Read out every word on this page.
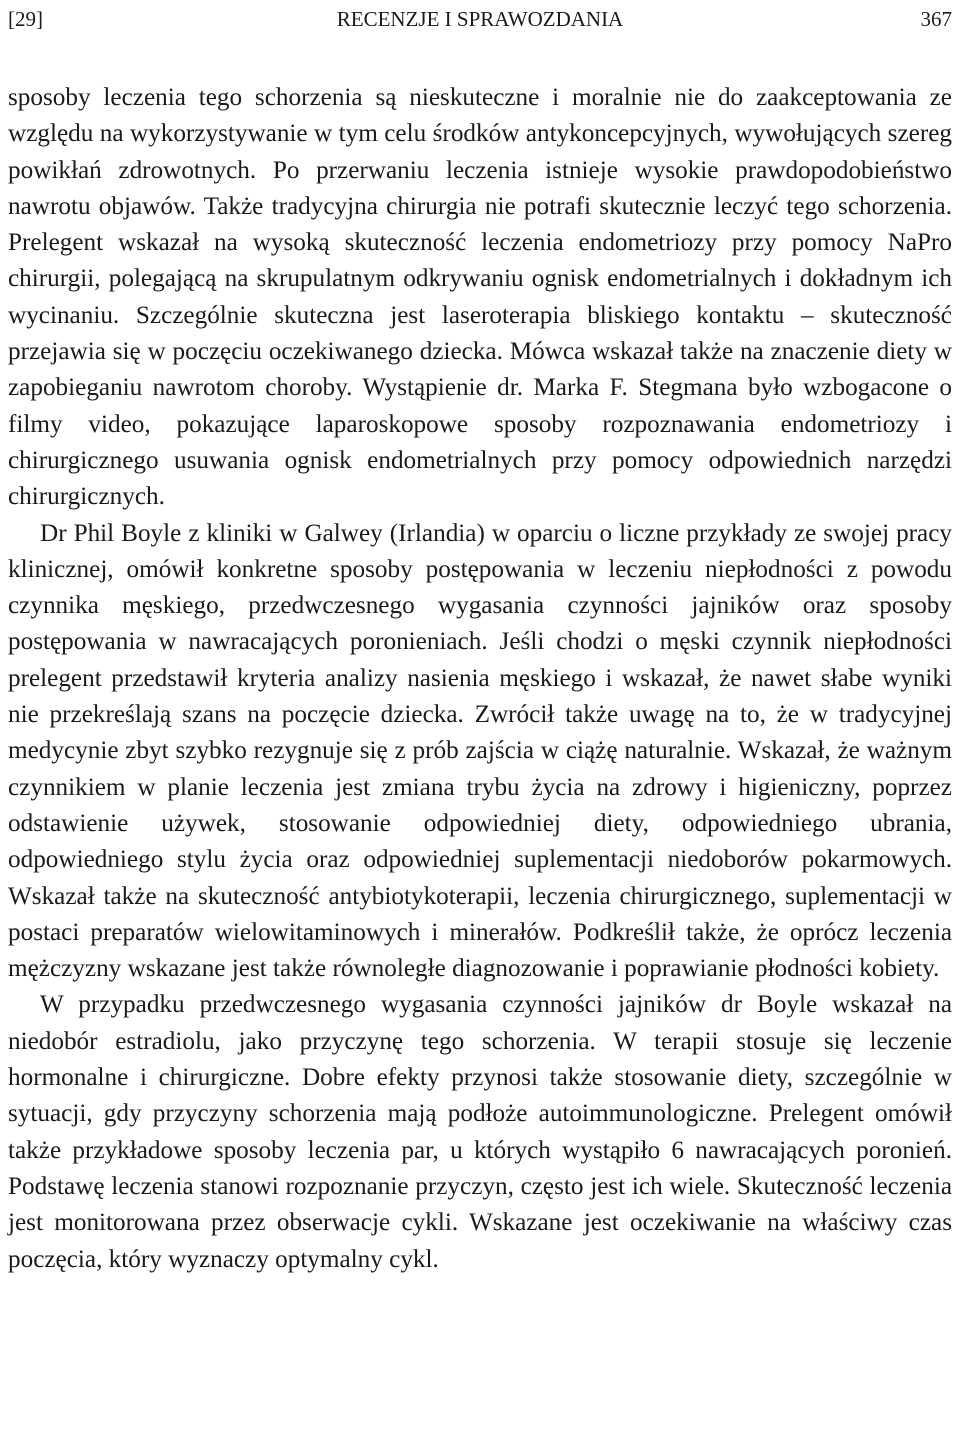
[29]	RECENZJE I SPRAWOZDANIA	367

sposoby leczenia tego schorzenia są nieskuteczne i moralnie nie do zaakceptowania ze względu na wykorzystywanie w tym celu środków antykoncepcyjnych, wywołujących szereg powikłań zdrowotnych. Po przerwaniu leczenia istnieje wysokie prawdopodobieństwo nawrotu objawów. Także tradycyjna chirurgia nie potrafi skutecznie leczyć tego schorzenia. Prelegent wskazał na wysoką skuteczność leczenia endometriozy przy pomocy NaPro chirurgii, polegającą na skrupulatnym odkrywaniu ognisk endometrialnych i dokładnym ich wycinaniu. Szczególnie skuteczna jest laseroterapia bliskiego kontaktu – skuteczność przejawia się w poczęciu oczekiwanego dziecka. Mówca wskazał także na znaczenie diety w zapobieganiu nawrotom choroby. Wystąpienie dr. Marka F. Stegmana było wzbogacone o filmy video, pokazujące laparoskopowe sposoby rozpoznawania endometriozy i chirurgicznego usuwania ognisk endometrialnych przy pomocy odpowiednich narzędzi chirurgicznych.

Dr Phil Boyle z kliniki w Galwey (Irlandia) w oparciu o liczne przykłady ze swojej pracy klinicznej, omówił konkretne sposoby postępowania w leczeniu niepłodności z powodu czynnika męskiego, przedwczesnego wygasania czynności jajników oraz sposoby postępowania w nawracających poronieniach. Jeśli chodzi o męski czynnik niepłodności prelegent przedstawił kryteria analizy nasienia męskiego i wskazał, że nawet słabe wyniki nie przekreślają szans na poczęcie dziecka. Zwrócił także uwagę na to, że w tradycyjnej medycynie zbyt szybko rezygnuje się z prób zajścia w ciążę naturalnie. Wskazał, że ważnym czynnikiem w planie leczenia jest zmiana trybu życia na zdrowy i higieniczny, poprzez odstawienie używek, stosowanie odpowiedniej diety, odpowiedniego ubrania, odpowiedniego stylu życia oraz odpowiedniej suplementacji niedoborów pokarmowych. Wskazał także na skuteczność antybiotykoterapii, leczenia chirurgicznego, suplementacji w postaci preparatów wielowitaminowych i minerałów. Podkreślił także, że oprócz leczenia mężczyzny wskazane jest także równoległe diagnozowanie i poprawianie płodności kobiety.

W przypadku przedwczesnego wygasania czynności jajników dr Boyle wskazał na niedobór estradiolu, jako przyczynę tego schorzenia. W terapii stosuje się leczenie hormonalne i chirurgiczne. Dobre efekty przynosi także stosowanie diety, szczególnie w sytuacji, gdy przyczyny schorzenia mają podłoże autoimmunologiczne. Prelegent omówił także przykładowe sposoby leczenia par, u których wystąpiło 6 nawracających poronień. Podstawę leczenia stanowi rozpoznanie przyczyn, często jest ich wiele. Skuteczność leczenia jest monitorowana przez obserwacje cykli. Wskazane jest oczekiwanie na właściwy czas poczęcia, który wyznaczy optymalny cykl.
